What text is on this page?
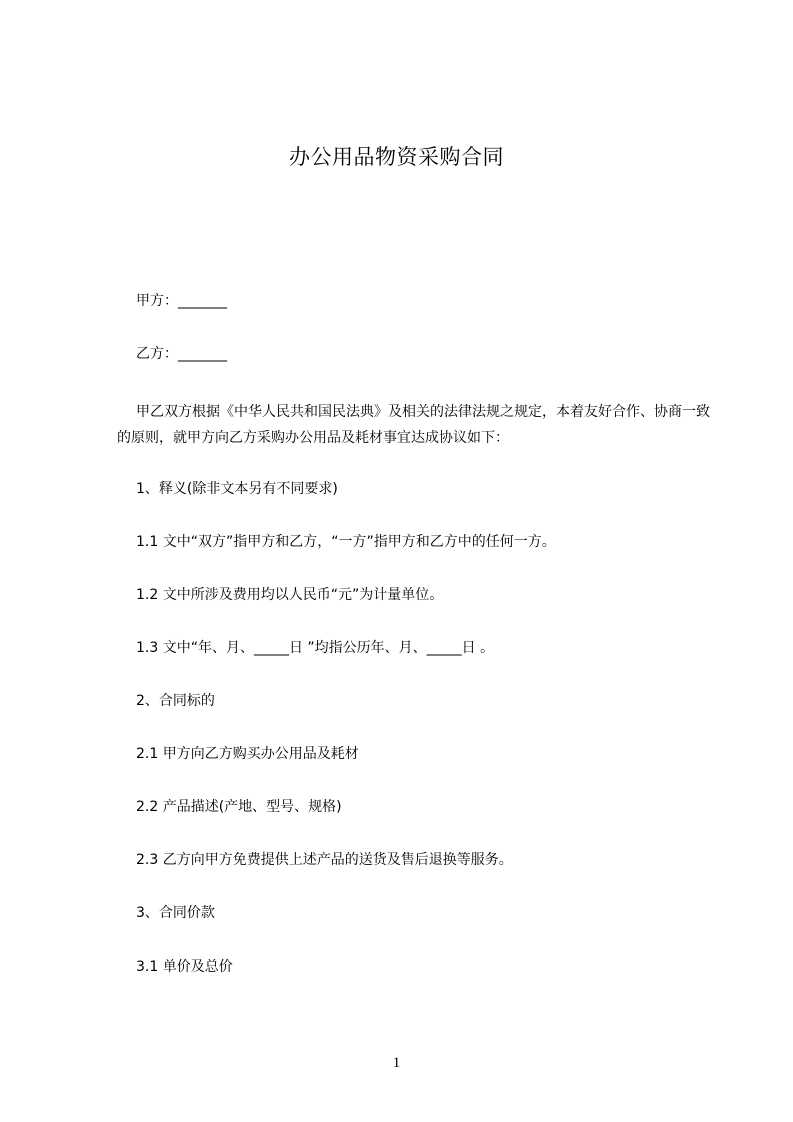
办公用品物资采购合同
甲方：_______
乙方：_______
甲乙双方根据《中华人民共和国民法典》及相关的法律法规之规定，本着友好合作、协商一致的原则，就甲方向乙方采购办公用品及耗材事宜达成协议如下：
1、释义(除非文本另有不同要求)
1.1 文中“双方”指甲方和乙方，“一方”指甲方和乙方中的任何一方。
1.2 文中所涉及费用均以人民币“元”为计量单位。
1.3 文中“年、月、_____日 ”均指公历年、月、_____日 。
2、合同标的
2.1 甲方向乙方购买办公用品及耗材
2.2 产品描述(产地、型号、规格)
2.3 乙方向甲方免费提供上述产品的送货及售后退换等服务。
3、合同价款
3.1 单价及总价
1
